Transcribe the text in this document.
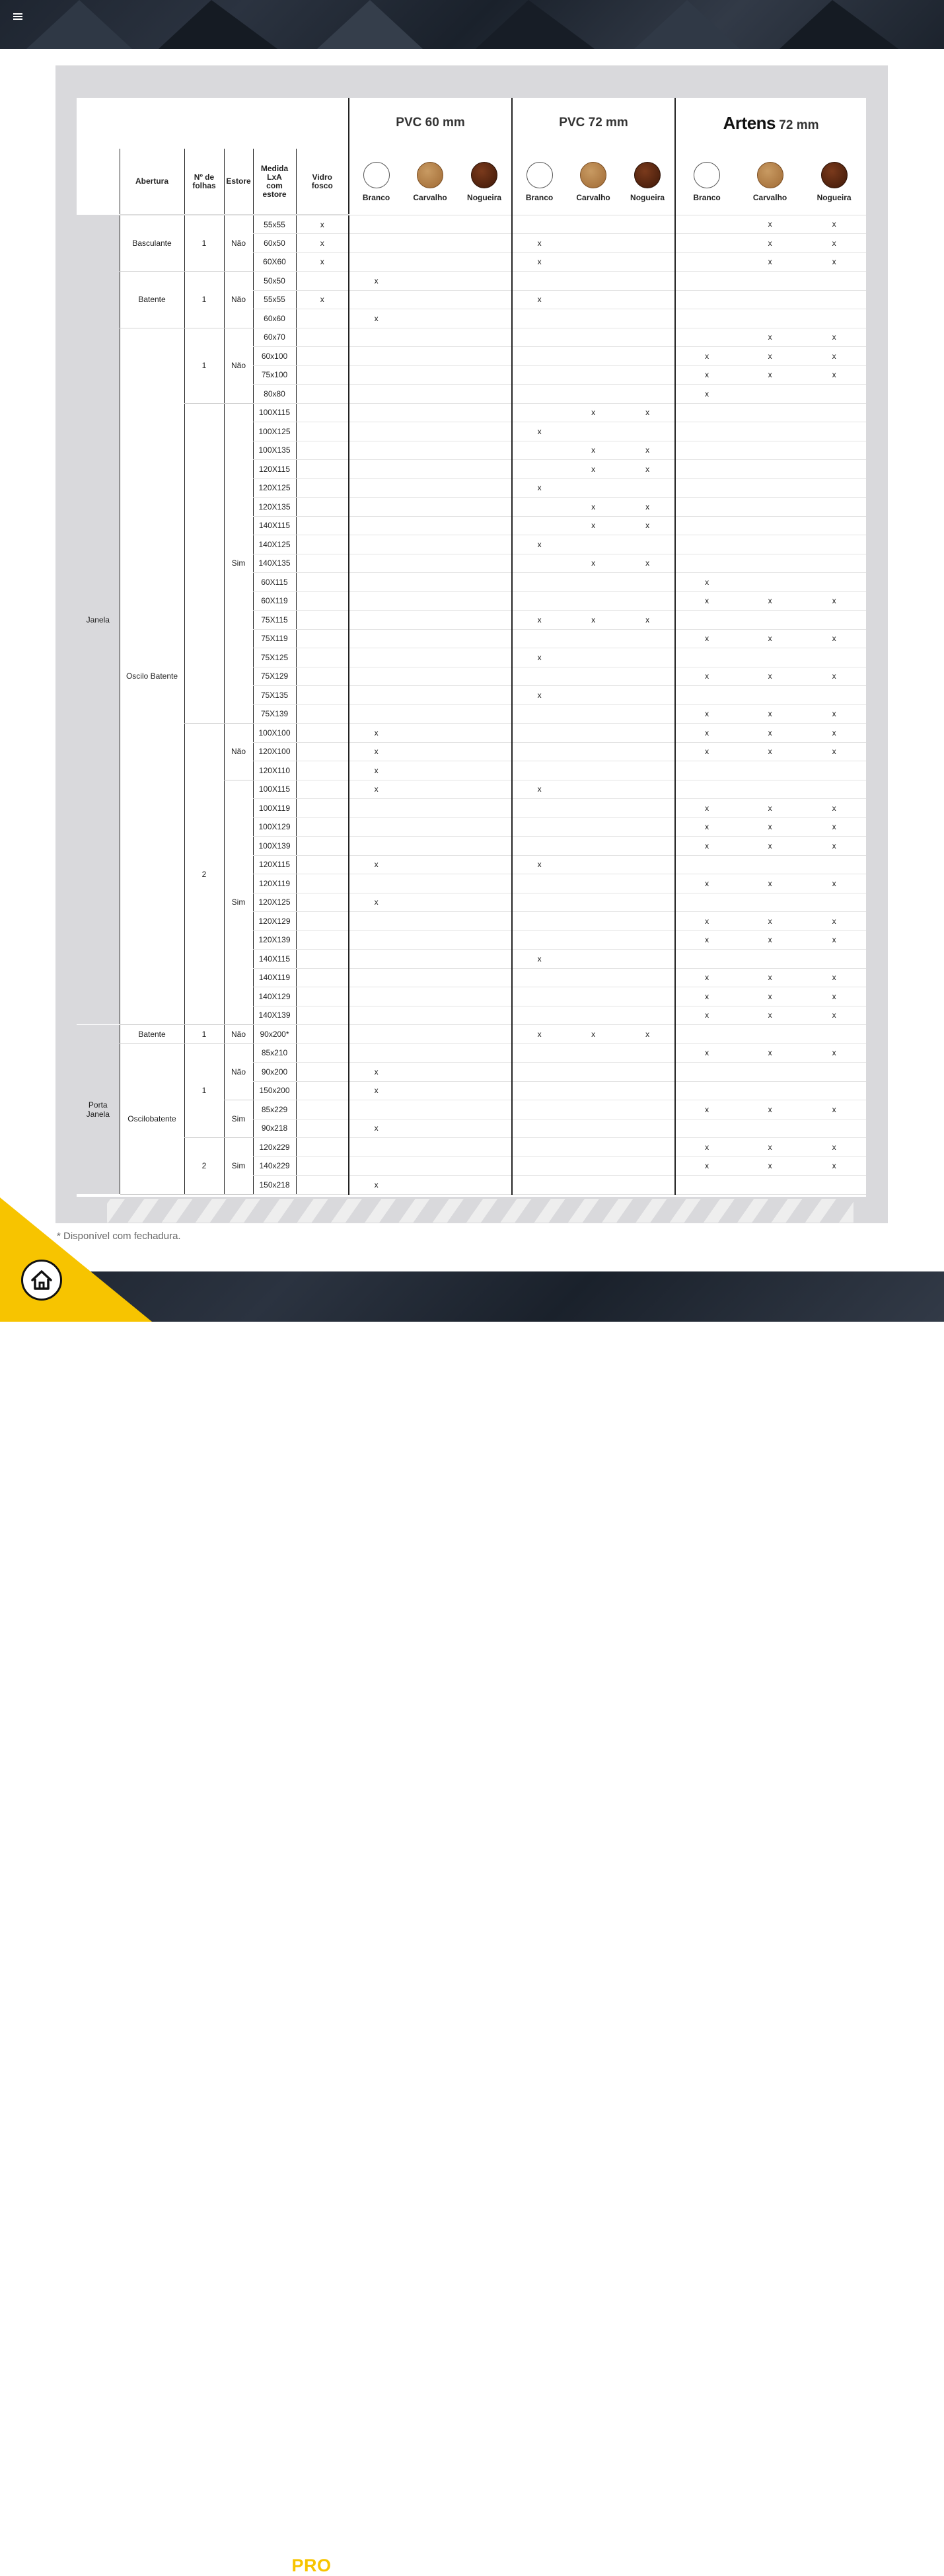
						PVC 60 mm			PVC 72 mm			Artens 72 mm		
	Abertura	Nº de folhas	Estore	Medida LxA com estore	Vidro fosco	Branco	Carvalho	Nogueira	Branco	Carvalho	Nogueira	Branco	Carvalho	Nogueira
Janela	Basculante	1	Não	55x55	x								x	x
				60x50	x				x				x	x
				60X60	x				x				x	x
	Batente	1	Não	50x50		x								
				55x55	x				x					
				60x60		x								
	Oscilo Batente	1	Não	60x70									x	x
				60x100								x	x	x
				75x100								x	x	x
				80x80								x		
			Sim	100X115						x	x			
				100X125					x					
				100X135						x	x			
				120X115						x	x			
				120X125					x					
				120X135						x	x			
				140X115						x	x			
				140X125					x					
				140X135						x	x			
				60X115								x		
				60X119								x	x	x
				75X115					x	x	x			
				75X119								x	x	x
				75X125					x					
				75X129								x	x	x
				75X135					x					
				75X139								x	x	x
		2	Não	100X100		x						x	x	x
				120X100		x						x	x	x
				120X110		x								
			Sim	100X115		x			x					
				100X119								x	x	x
				100X129								x	x	x
				100X139								x	x	x
				120X115		x			x					
				120X119								x	x	x
				120X125		x								
				120X129								x	x	x
				120X139								x	x	x
				140X115					x					
				140X119								x	x	x
				140X129								x	x	x
				140X139								x	x	x
Porta Janela	Batente	1	Não	90x200*					x	x	x			
	Oscilobatente	1	Não	85x210								x	x	x
				90x200		x								
				150x200		x								
			Sim	85x229								x	x	x
				90x218		x								
		2	Sim	120x229								x	x	x
				140x229								x	x	x
				150x218		x								
* Disponível com fechadura.
LEROY MERLIN PRO	Junte-se ao Clube LEROY MERLIN PRO e beneficie de todas as vantagens.
